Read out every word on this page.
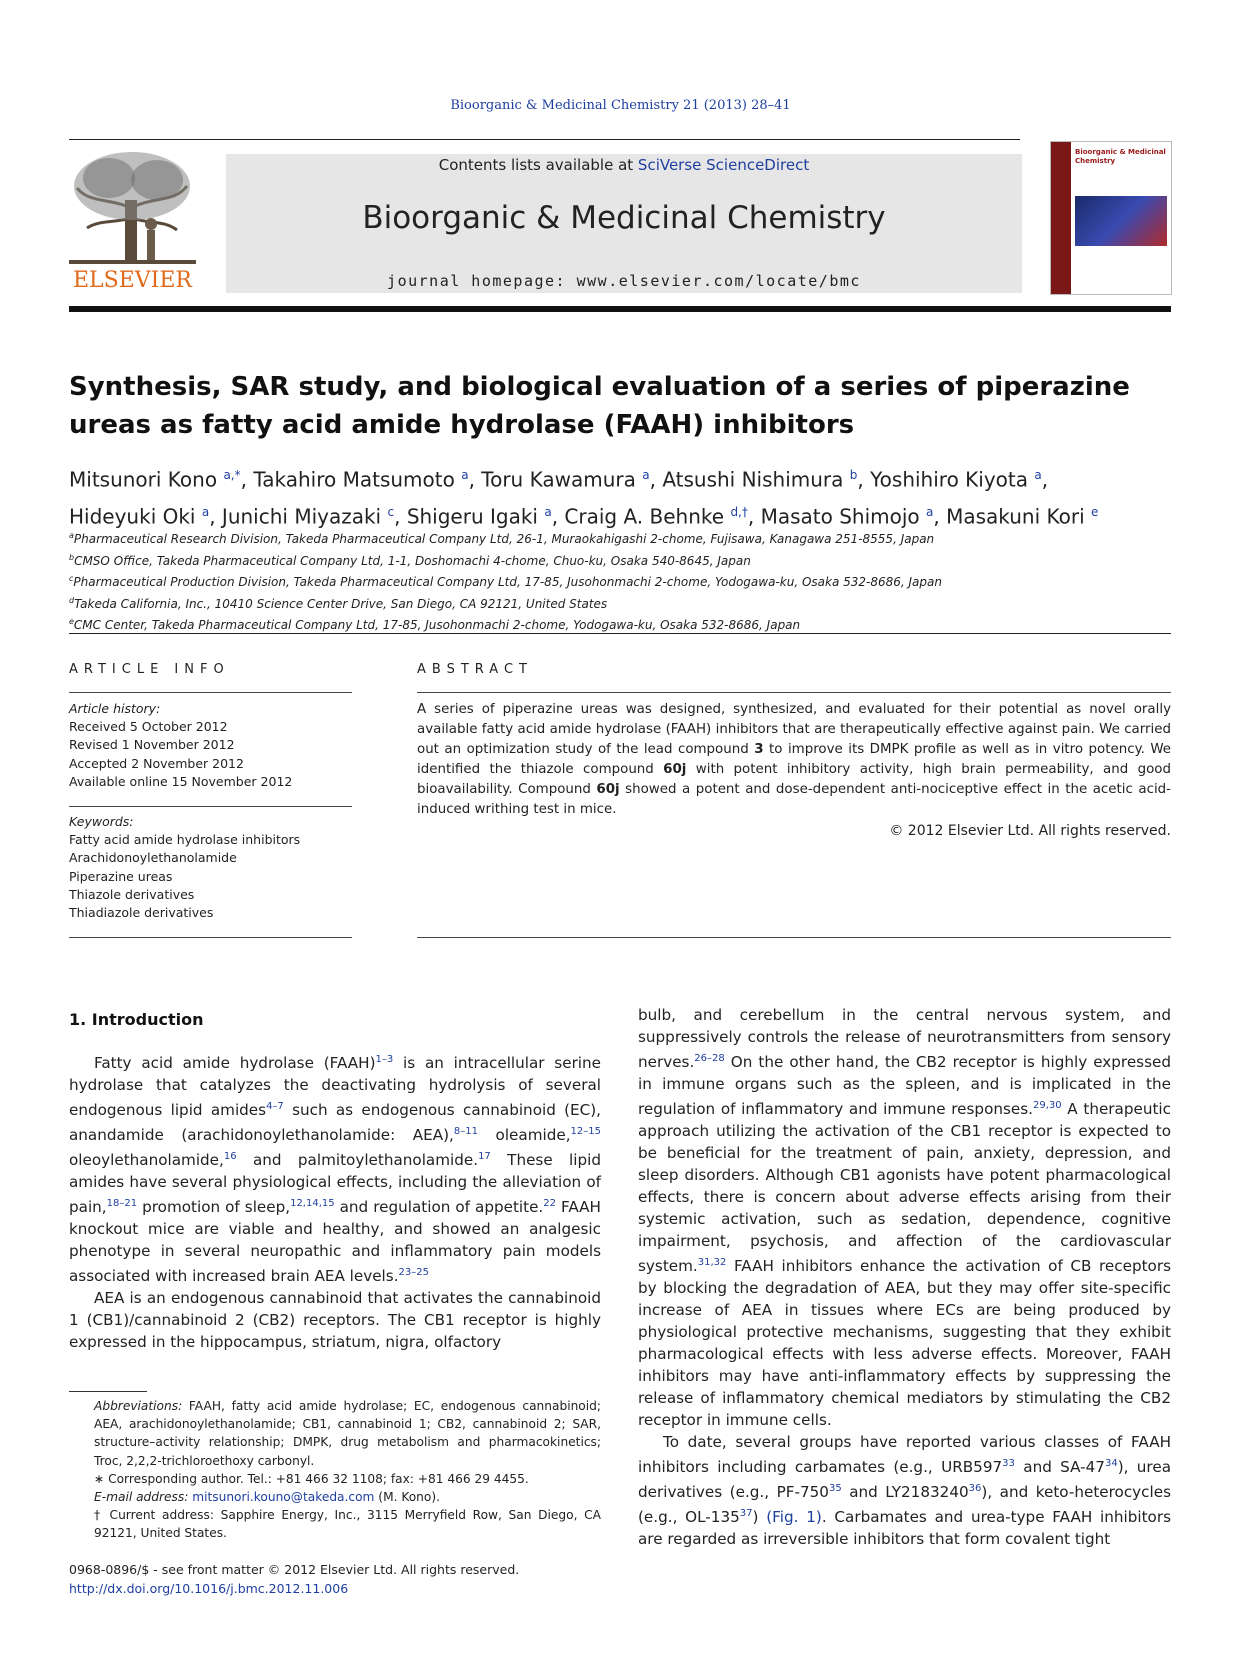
Bioorganic & Medicinal Chemistry 21 (2013) 28–41
ELSEVIER
Contents lists available at SciVerse ScienceDirect
Bioorganic & Medicinal Chemistry
journal homepage: www.elsevier.com/locate/bmc
Bioorganic & Medicinal Chemistry
Synthesis, SAR study, and biological evaluation of a series of piperazine ureas as fatty acid amide hydrolase (FAAH) inhibitors
Mitsunori Kono $^{a,*}$, Takahiro Matsumoto $^a$, Toru Kawamura $^a$, Atsushi Nishimura $^b$, Yoshihiro Kiyota $^a$,
Hideyuki Oki $^a$, Junichi Miyazaki $^c$, Shigeru Igaki $^a$, Craig A. Behnke $^{d,\dagger}$, Masato Shimojo $^a$, Masakuni Kori $^e$
$^a$Pharmaceutical Research Division, Takeda Pharmaceutical Company Ltd, 26-1, Muraokahigashi 2-chome, Fujisawa, Kanagawa 251-8555, Japan
$^b$CMSO Office, Takeda Pharmaceutical Company Ltd, 1-1, Doshomachi 4-chome, Chuo-ku, Osaka 540-8645, Japan
$^c$Pharmaceutical Production Division, Takeda Pharmaceutical Company Ltd, 17-85, Jusohonmachi 2-chome, Yodogawa-ku, Osaka 532-8686, Japan
$^d$Takeda California, Inc., 10410 Science Center Drive, San Diego, CA 92121, United States
$^e$CMC Center, Takeda Pharmaceutical Company Ltd, 17-85, Jusohonmachi 2-chome, Yodogawa-ku, Osaka 532-8686, Japan
ARTICLE INFO
Article history:
Received 5 October 2012
Revised 1 November 2012
Accepted 2 November 2012
Available online 15 November 2012
Keywords:
Fatty acid amide hydrolase inhibitors
Arachidonoylethanolamide
Piperazine ureas
Thiazole derivatives
Thiadiazole derivatives
ABSTRACT
A series of piperazine ureas was designed, synthesized, and evaluated for their potential as novel orally available fatty acid amide hydrolase (FAAH) inhibitors that are therapeutically effective against pain. We carried out an optimization study of the lead compound 3 to improve its DMPK profile as well as in vitro potency. We identified the thiazole compound 60j with potent inhibitory activity, high brain permeability, and good bioavailability. Compound 60j showed a potent and dose-dependent anti-nociceptive effect in the acetic acid-induced writhing test in mice.
© 2012 Elsevier Ltd. All rights reserved.
1. Introduction

Fatty acid amide hydrolase (FAAH)$^{1-3}$ is an intracellular serine hydrolase that catalyzes the deactivating hydrolysis of several endogenous lipid amides$^{4-7}$ such as endogenous cannabinoid (EC), anandamide (arachidonoylethanolamide: AEA),$^{8-11}$ oleamide,$^{12-15}$ oleoylethanolamide,$^{16}$ and palmitoylethanolamide.$^{17}$ These lipid amides have several physiological effects, including the alleviation of pain,$^{18-21}$ promotion of sleep,$^{12,14,15}$ and regulation of appetite.$^{22}$ FAAH knockout mice are viable and healthy, and showed an analgesic phenotype in several neuropathic and inflammatory pain models associated with increased brain AEA levels.$^{23-25}$

AEA is an endogenous cannabinoid that activates the cannabinoid 1 (CB1)/cannabinoid 2 (CB2) receptors. The CB1 receptor is highly expressed in the hippocampus, striatum, nigra, olfactory

bulb, and cerebellum in the central nervous system, and suppressively controls the release of neurotransmitters from sensory nerves.$^{26-28}$ On the other hand, the CB2 receptor is highly expressed in immune organs such as the spleen, and is implicated in the regulation of inflammatory and immune responses.$^{29,30}$ A therapeutic approach utilizing the activation of the CB1 receptor is expected to be beneficial for the treatment of pain, anxiety, depression, and sleep disorders. Although CB1 agonists have potent pharmacological effects, there is concern about adverse effects arising from their systemic activation, such as sedation, dependence, cognitive impairment, psychosis, and affection of the cardiovascular system.$^{31,32}$ FAAH inhibitors enhance the activation of CB receptors by blocking the degradation of AEA, but they may offer site-specific increase of AEA in tissues where ECs are being produced by physiological protective mechanisms, suggesting that they exhibit pharmacological effects with less adverse effects. Moreover, FAAH inhibitors may have anti-inflammatory effects by suppressing the release of inflammatory chemical mediators by stimulating the CB2 receptor in immune cells.

To date, several groups have reported various classes of FAAH inhibitors including carbamates (e.g., $URB597^{33}$ and $SA-47^{34}$), urea derivatives (e.g., $PF-750^{35}$ and LY2183240$^{36}$), and keto-heterocycles (e.g., $OL-135^{37}$) (Fig. 1). Carbamates and urea-type FAAH inhibitors are regarded as irreversible inhibitors that form covalent tight

Abbreviations: FAAH, fatty acid amide hydrolase; EC, endogenous cannabinoid; AEA, arachidonoylethanolamide; CB1, cannabinoid 1; CB2, cannabinoid 2; SAR, structure–activity relationship; DMPK, drug metabolism and pharmacokinetics; Troc, 2,2,2-trichloroethoxy carbonyl.

∗ Corresponding author. Tel.: +81 466 32 1108; fax: +81 466 29 4455.

E-mail address: mitsunori.kouno@takeda.com (M. Kono).

† Current address: Sapphire Energy, Inc., 3115 Merryfield Row, San Diego, CA 92121, United States.

0968-0896/$ - see front matter © 2012 Elsevier Ltd. All rights reserved.
http://dx.doi.org/10.1016/j.bmc.2012.11.006
